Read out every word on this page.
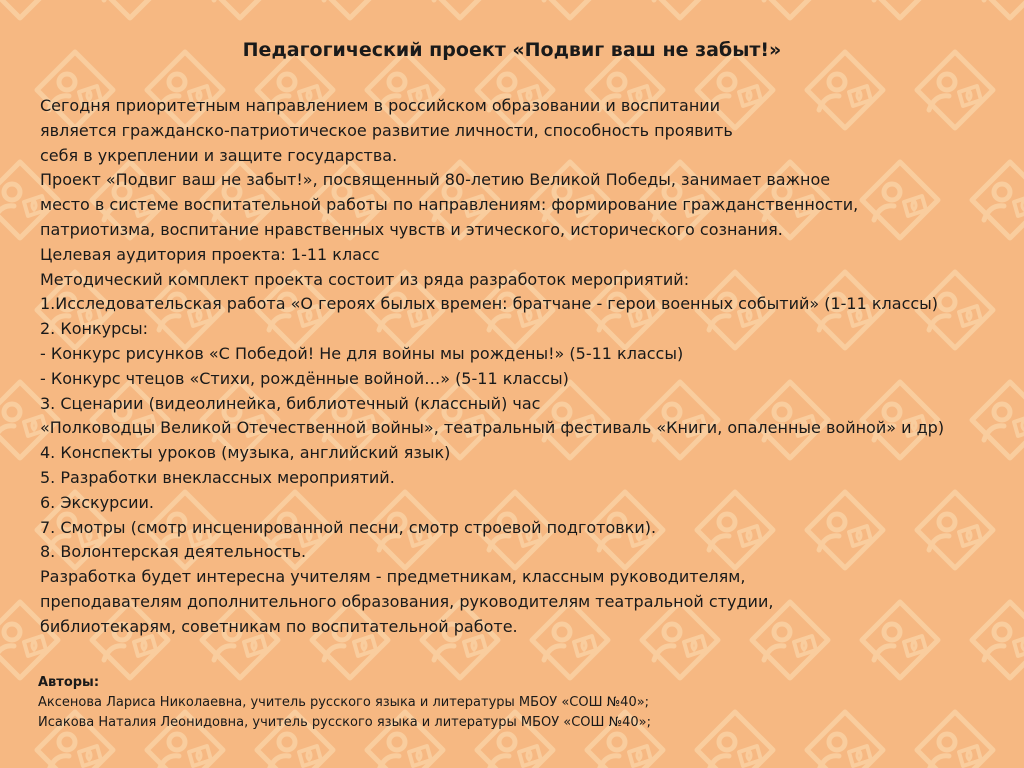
Педагогический проект «Подвиг ваш не забыт!»
Сегодня приоритетным направлением в российском образовании и воспитании
является гражданско-патриотическое развитие личности, способность проявить
себя в укреплении и защите государства.
Проект «Подвиг ваш не забыт!», посвященный 80-летию Великой Победы, занимает важное
место в системе воспитательной работы по направлениям: формирование гражданственности,
патриотизма, воспитание нравственных чувств и этического, исторического сознания.
Целевая аудитория проекта: 1-11 класс
Методический комплект проекта состоит из ряда разработок мероприятий:
1.Исследовательская работа «О героях былых времен: братчане - герои военных событий» (1-11 классы)
2. Конкурсы:
- Конкурс рисунков «С Победой! Не для войны мы рождены!» (5-11 классы)
- Конкурс чтецов «Стихи, рождённые войной…» (5-11 классы)
3. Сценарии (видеолинейка, библиотечный (классный) час
«Полководцы Великой Отечественной войны», театральный фестиваль «Книги, опаленные войной» и др)
4. Конспекты уроков (музыка, английский язык)
5. Разработки внеклассных мероприятий.
6. Экскурсии.
7. Смотры (смотр инсценированной песни, смотр строевой подготовки).
8. Волонтерская деятельность.
Разработка будет интересна учителям - предметникам, классным руководителям,
преподавателям дополнительного образования, руководителям театральной студии,
библиотекарям, советникам по воспитательной работе.

Авторы:

Аксенова Лариса Николаевна, учитель русского языка и литературы МБОУ «СОШ №40»;
Исакова Наталия Леонидовна, учитель русского языка и литературы МБОУ «СОШ №40»;
